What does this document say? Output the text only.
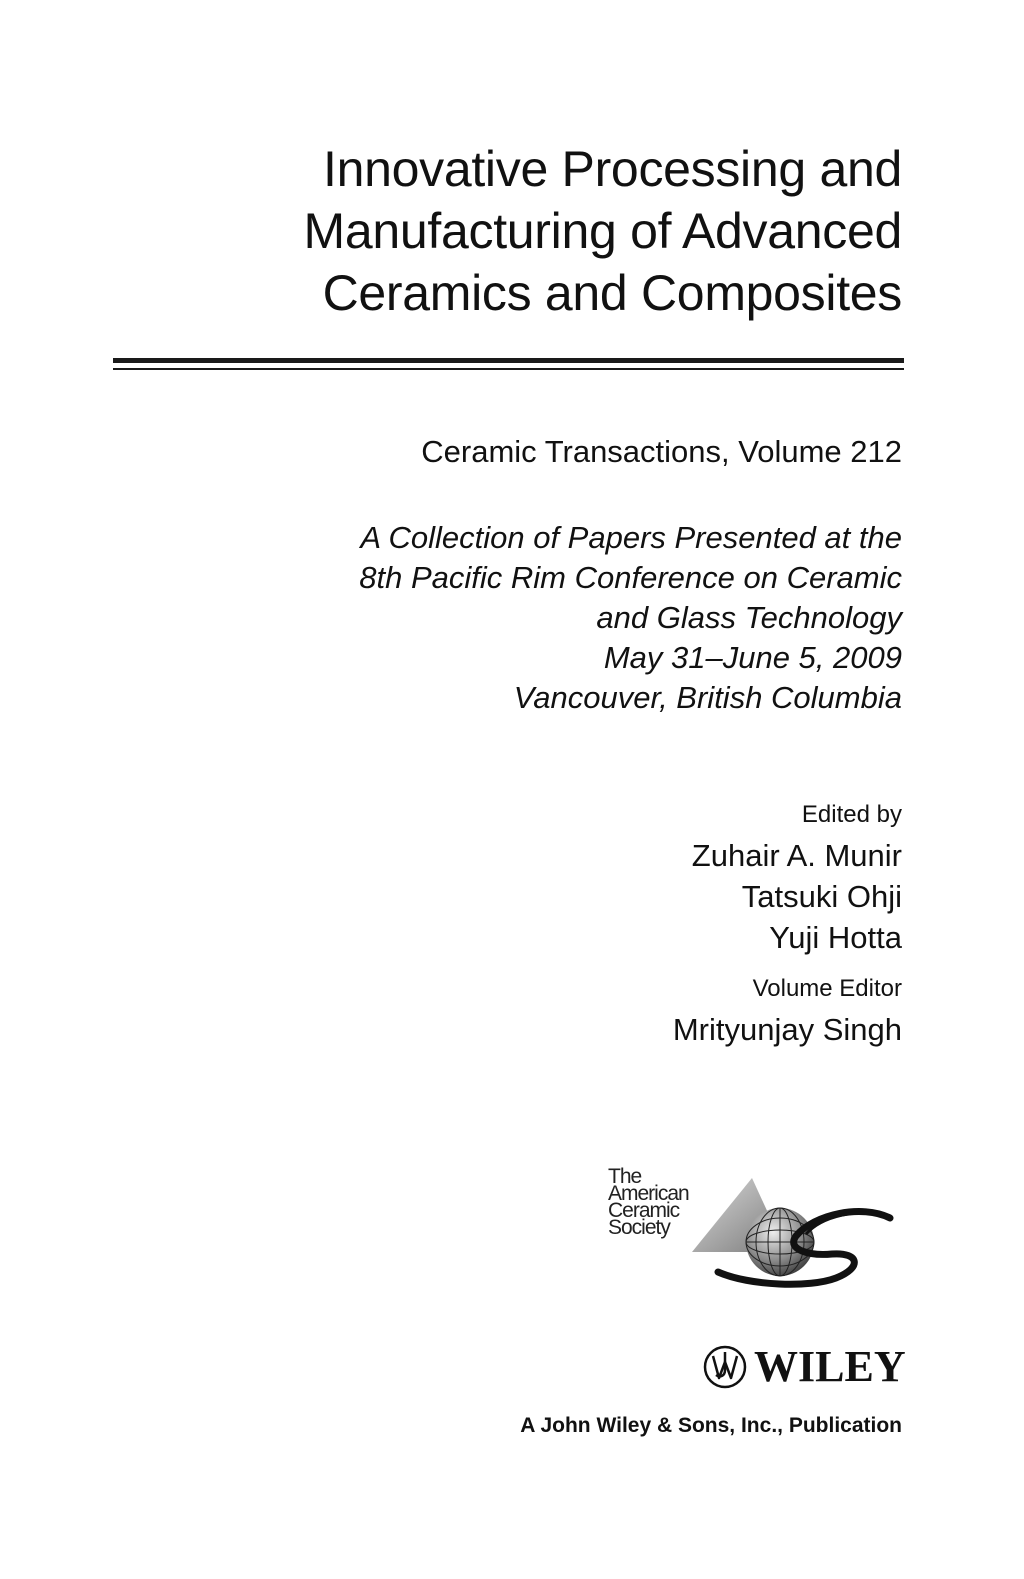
Innovative Processing and
Manufacturing of Advanced
Ceramics and Composites
Ceramic Transactions, Volume 212
A Collection of Papers Presented at the
8th Pacific Rim Conference on Ceramic
and Glass Technology
May 31–June 5, 2009
Vancouver, British Columbia
Edited by
Zuhair A. Munir
Tatsuki Ohji
Yuji Hotta
Volume Editor
Mrityunjay Singh
The
American
Ceramic
Society
WILEY
A John Wiley & Sons, Inc., Publication
